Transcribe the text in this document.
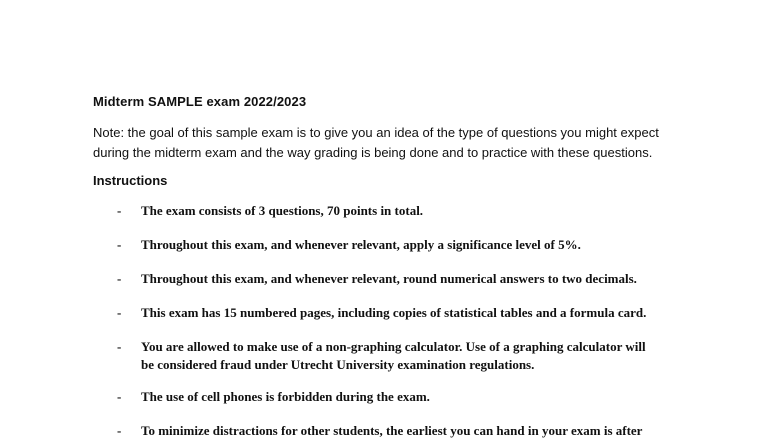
Midterm SAMPLE exam 2022/2023
Note: the goal of this sample exam is to give you an idea of the type of questions you might expect
during the midterm exam and the way grading is being done and to practice with these questions.
Instructions
- The exam consists of 3 questions, 70 points in total.
- Throughout this exam, and whenever relevant, apply a significance level of 5%.
- Throughout this exam, and whenever relevant, round numerical answers to two decimals.
- This exam has 15 numbered pages, including copies of statistical tables and a formula card.
- You are allowed to make use of a non-graphing calculator. Use of a graphing calculator will
be considered fraud under Utrecht University examination regulations.
- The use of cell phones is forbidden during the exam.
- To minimize distractions for other students, the earliest you can hand in your exam is after
